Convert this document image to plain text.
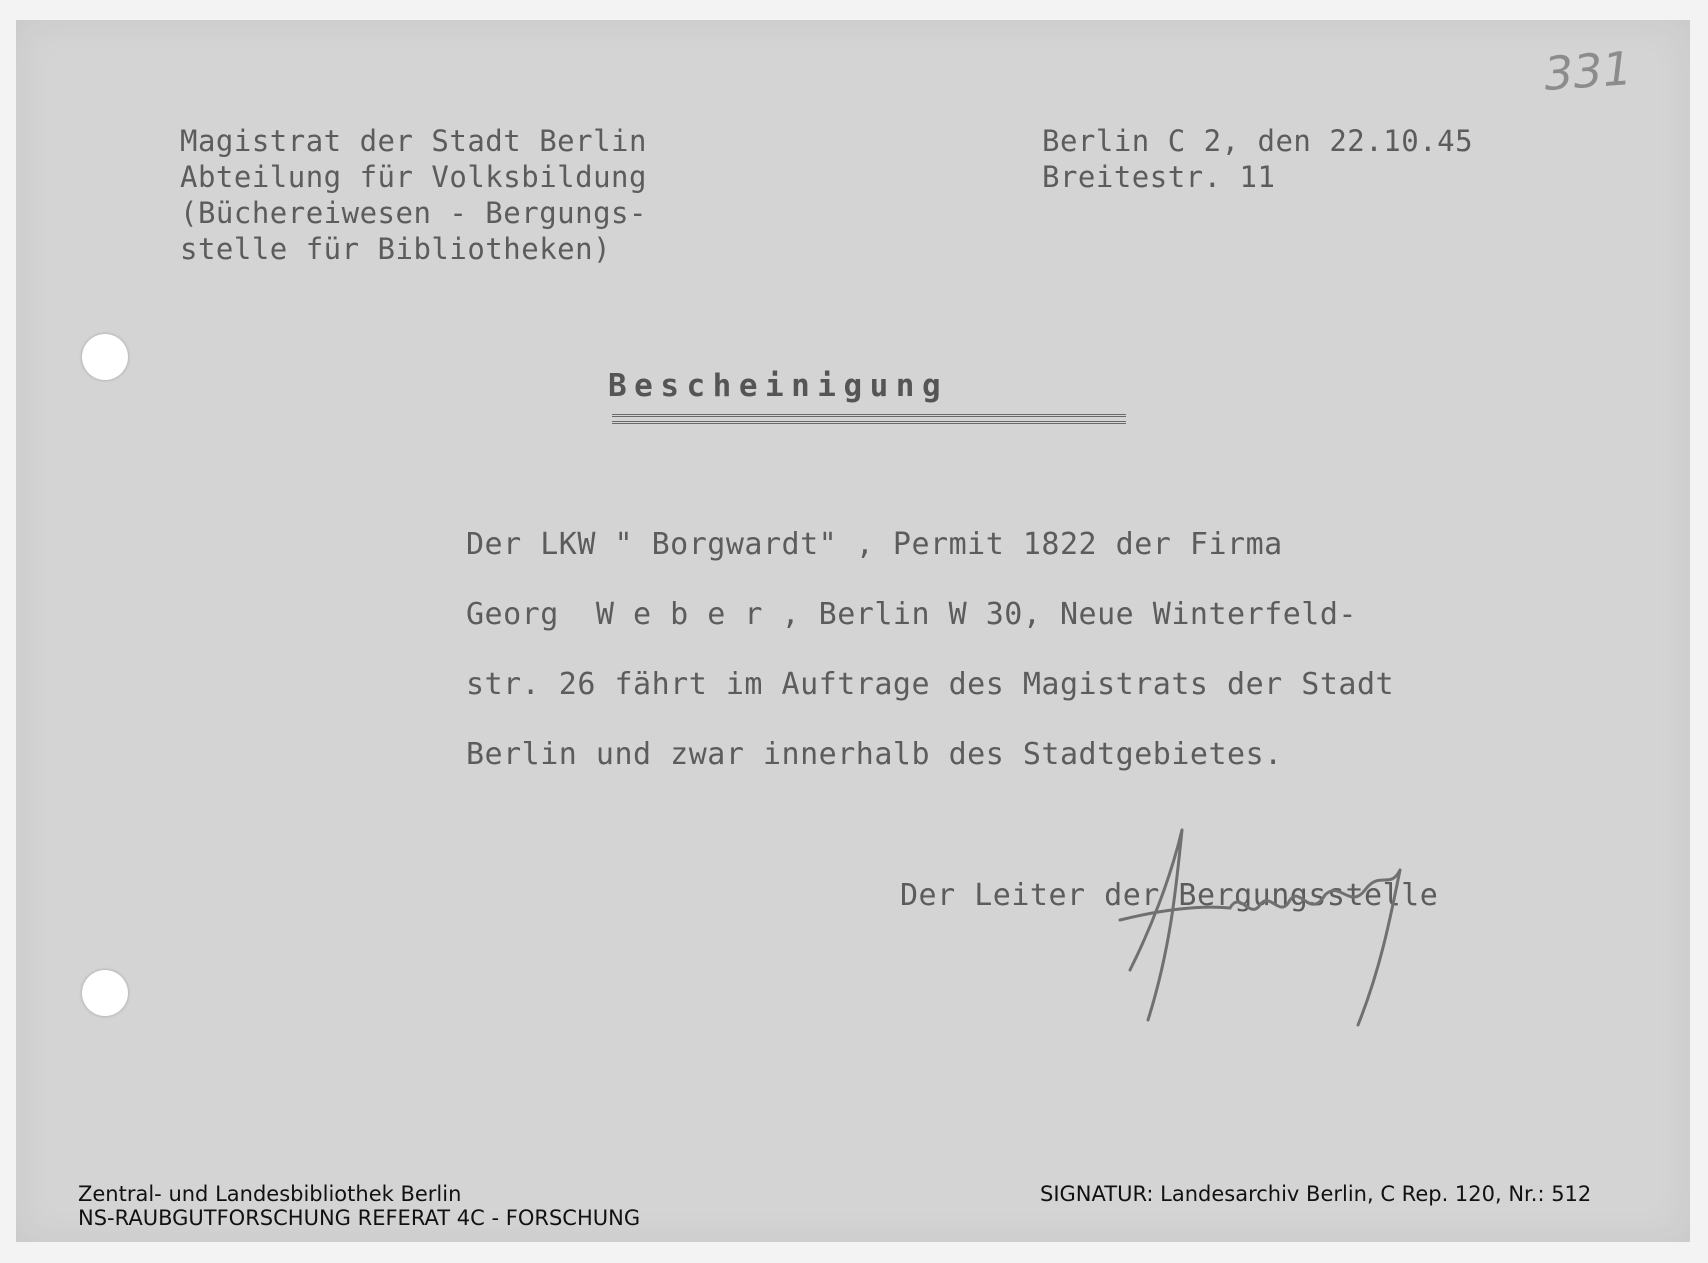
331
Magistrat der Stadt Berlin
Abteilung für Volksbildung
(Büchereiwesen - Bergungs-
stelle für Bibliotheken)
Berlin C 2, den 22.10.45
Breitestr. 11
Bescheinigung
Der LKW " Borgwardt" , Permit 1822 der Firma
Georg  W e b e r , Berlin W 30, Neue Winterfeld-
str. 26 fährt im Auftrage des Magistrats der Stadt
Berlin und zwar innerhalb des Stadtgebietes.
Der Leiter der Bergungsstelle
Zentral- und Landesbibliothek Berlin
NS-RAUBGUTFORSCHUNG REFERAT 4C - FORSCHUNG
SIGNATUR: Landesarchiv Berlin, C Rep. 120, Nr.: 512
